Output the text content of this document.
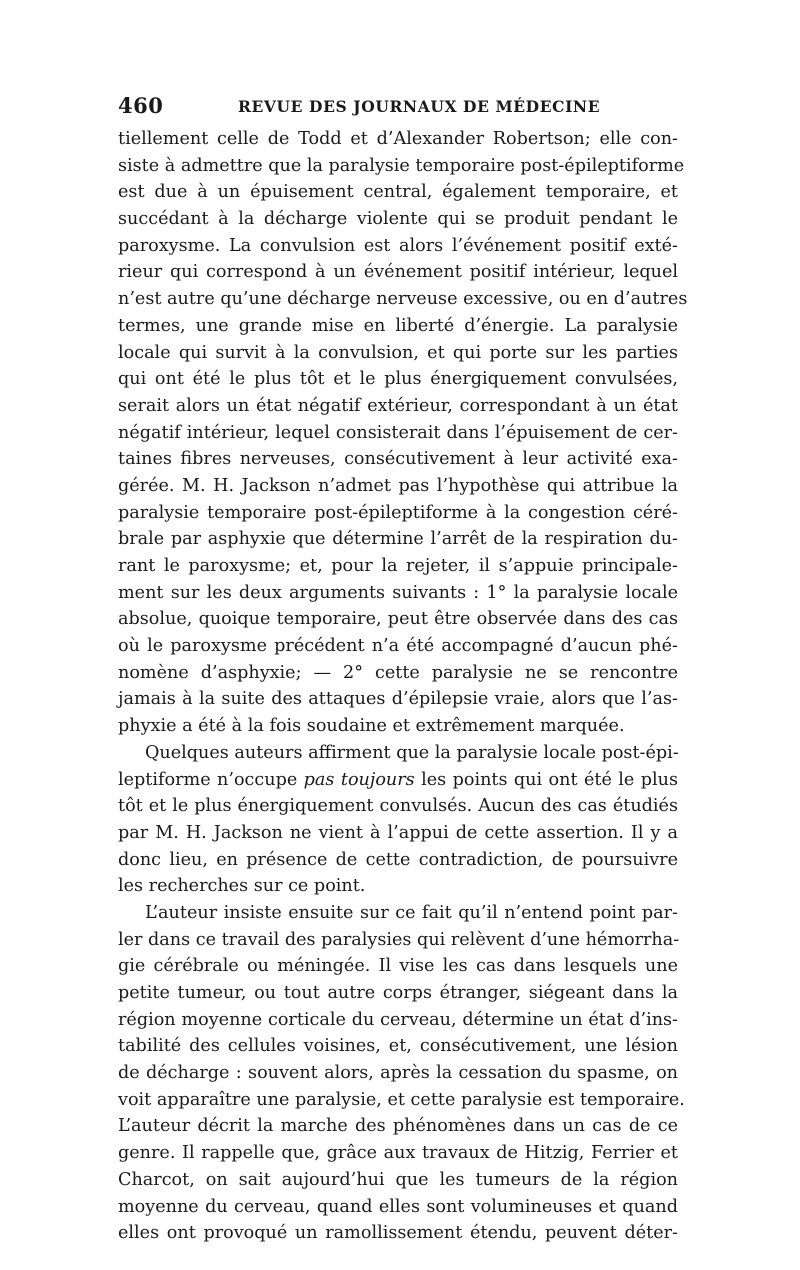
460	REVUE DES JOURNAUX DE MÉDECINE
tiellement celle de Todd et d’Alexander Robertson; elle con-
siste à admettre que la paralysie temporaire post-épileptiforme
est due à un épuisement central, également temporaire, et
succédant à la décharge violente qui se produit pendant le
paroxysme. La convulsion est alors l’événement positif exté-
rieur qui correspond à un événement positif intérieur, lequel
n’est autre qu’une décharge nerveuse excessive, ou en d’autres
termes, une grande mise en liberté d’énergie. La paralysie
locale qui survit à la convulsion, et qui porte sur les parties
qui ont été le plus tôt et le plus énergiquement convulsées,
serait alors un état négatif extérieur, correspondant à un état
négatif intérieur, lequel consisterait dans l’épuisement de cer-
taines fibres nerveuses, consécutivement à leur activité exa-
gérée. M. H. Jackson n’admet pas l’hypothèse qui attribue la
paralysie temporaire post-épileptiforme à la congestion céré-
brale par asphyxie que détermine l’arrêt de la respiration du-
rant le paroxysme; et, pour la rejeter, il s’appuie principale-
ment sur les deux arguments suivants : 1° la paralysie locale
absolue, quoique temporaire, peut être observée dans des cas
où le paroxysme précédent n’a été accompagné d’aucun phé-
nomène d’asphyxie; — 2° cette paralysie ne se rencontre
jamais à la suite des attaques d’épilepsie vraie, alors que l’as-
phyxie a été à la fois soudaine et extrêmement marquée.
Quelques auteurs affirment que la paralysie locale post-épi-
leptiforme n’occupe pas toujours les points qui ont été le plus
tôt et le plus énergiquement convulsés. Aucun des cas étudiés
par M. H. Jackson ne vient à l’appui de cette assertion. Il y a
donc lieu, en présence de cette contradiction, de poursuivre
les recherches sur ce point.
L’auteur insiste ensuite sur ce fait qu’il n’entend point par-
ler dans ce travail des paralysies qui relèvent d’une hémorrha-
gie cérébrale ou méningée. Il vise les cas dans lesquels une
petite tumeur, ou tout autre corps étranger, siégeant dans la
région moyenne corticale du cerveau, détermine un état d’ins-
tabilité des cellules voisines, et, consécutivement, une lésion
de décharge : souvent alors, après la cessation du spasme, on
voit apparaître une paralysie, et cette paralysie est temporaire.
L’auteur décrit la marche des phénomènes dans un cas de ce
genre. Il rappelle que, grâce aux travaux de Hitzig, Ferrier et
Charcot, on sait aujourd’hui que les tumeurs de la région
moyenne du cerveau, quand elles sont volumineuses et quand
elles ont provoqué un ramollissement étendu, peuvent déter-
